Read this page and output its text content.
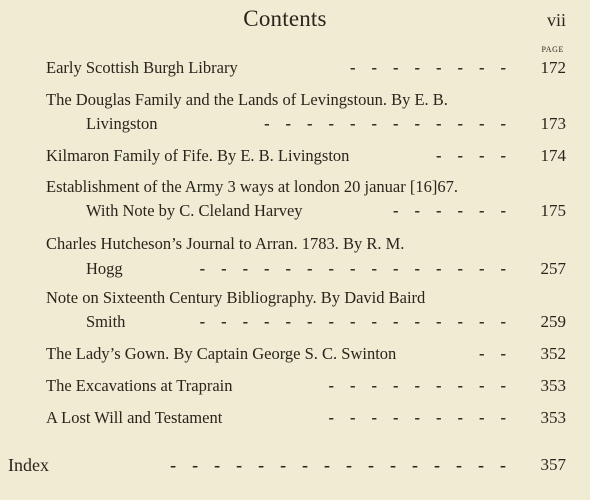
Contents	vii
PAGE
Early Scottish Burgh Library	--------	172
The Douglas Family and the Lands of Levingstoun. By E. B.
Livingston	------------	173
Kilmaron Family of Fife. By E. B. Livingston	----	174
Establishment of the Army 3 ways at london 20 januar [16]67.
With Note by C. Cleland Harvey	------	175
Charles Hutcheson’s Journal to Arran. 1783. By R. M.
Hogg	---------------	257
Note on Sixteenth Century Bibliography. By David Baird
Smith	---------------	259
The Lady’s Gown. By Captain George S. C. Swinton	--	352
The Excavations at Traprain	---------	353
A Lost Will and Testament	---------	353
Index	----------------	357
